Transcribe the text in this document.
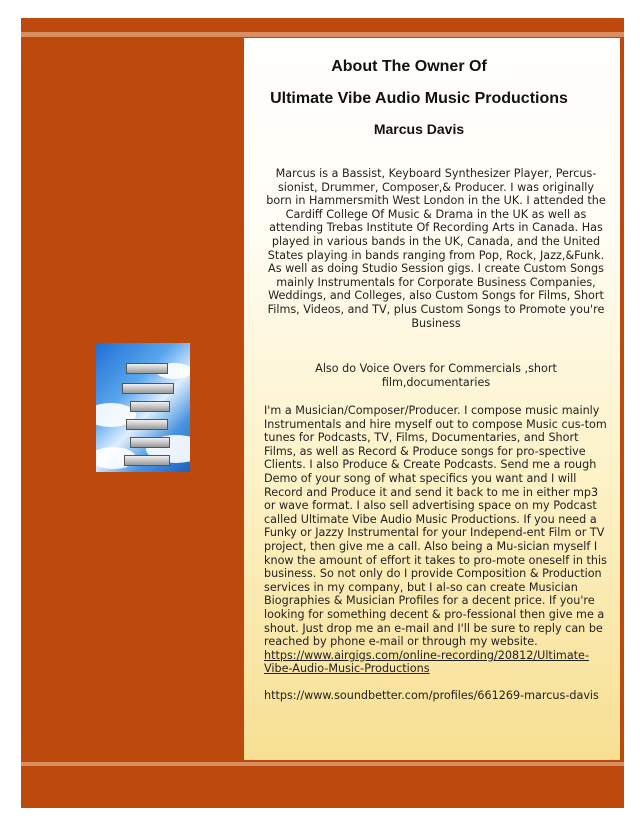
About The Owner Of
Ultimate Vibe Audio Music Productions
Marcus Davis
Marcus is a Bassist, Keyboard Synthesizer Player, Percus-sionist, Drummer, Composer,& Producer. I was originally born in Hammersmith West London in the UK. I attended the Cardiff College Of Music & Drama in the UK as well as attending Trebas Institute Of Recording Arts in Canada. Has played in various bands in the UK, Canada, and the United States playing in bands ranging from Pop, Rock, Jazz,&Funk. As well as doing Studio Session gigs. I create Custom Songs mainly Instrumentals for Corporate Business Companies, Weddings, and Colleges, also Custom Songs for Films, Short Films, Videos, and TV, plus Custom Songs to Promote you're Business
Also do Voice Overs for Commercials ,short film,documentaries
I'm a Musician/Composer/Producer. I compose music mainly Instrumentals and hire myself out to compose Music cus-tom tunes for Podcasts, TV, Films, Documentaries, and Short Films, as well as Record & Produce songs for pro-spective Clients. I also Produce & Create Podcasts. Send me a rough Demo of your song of what specifics you want and I will Record and Produce it and send it back to me in either mp3 or wave format. I also sell advertising space on my Podcast called Ultimate Vibe Audio Music Productions. If you need a Funky or Jazzy Instrumental for your Independ-ent Film or TV project, then give me a call. Also being a Mu-sician myself I know the amount of effort it takes to pro-mote oneself in this business. So not only do I provide Composition & Production services in my company, but I al-so can create Musician Biographies & Musician Profiles for a decent price. If you're looking for something decent & pro-fessional then give me a shout. Just drop me an e-mail and I'll be sure to reply can be reached by phone e-mail or through my website.
https://www.airgigs.com/online-recording/20812/Ultimate-Vibe-Audio-Music-Productions
https://www.soundbetter.com/profiles/661269-marcus-davis
